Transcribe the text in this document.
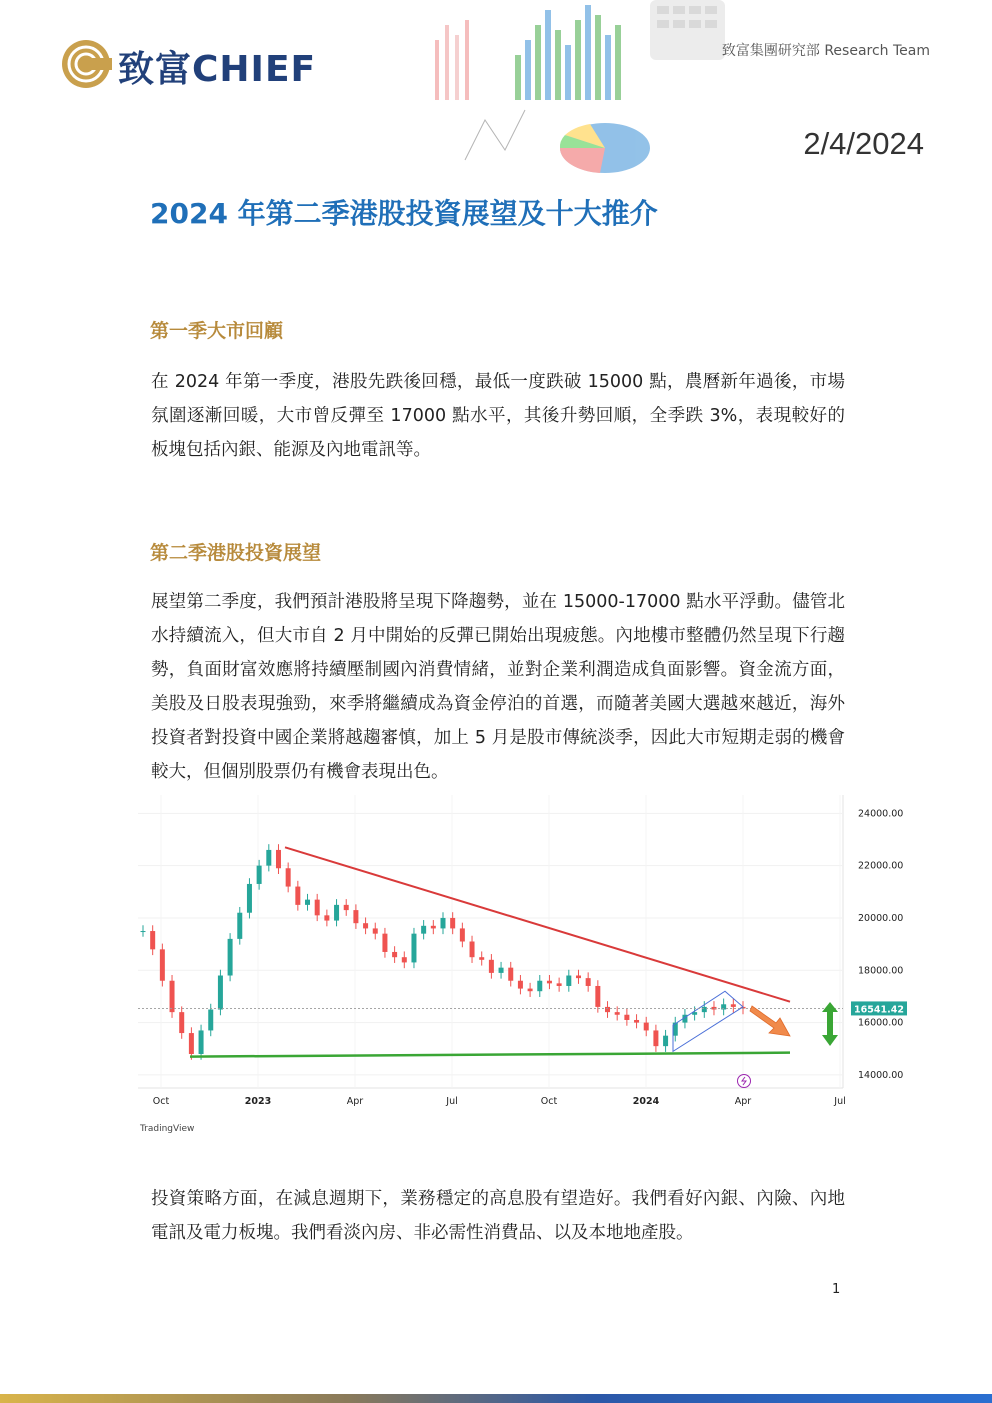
致富CHIEF	致富集團研究部 Research Team
2/4/2024
2024 年第二季港股投資展望及十大推介
第一季大市回顧

在 2024 年第一季度，港股先跌後回穩，最低一度跌破 15000 點，農曆新年過後，市場氛圍逐漸回暖，大市曾反彈至 17000 點水平，其後升勢回順，全季跌 3%，表現較好的板塊包括內銀、能源及內地電訊等。

第二季港股投資展望

展望第二季度，我們預計港股將呈現下降趨勢，並在 15000-17000 點水平浮動。儘管北水持續流入，但大市自 2 月中開始的反彈已開始出現疲態。內地樓市整體仍然呈現下行趨勢，負面財富效應將持續壓制國內消費情緒，並對企業利潤造成負面影響。資金流方面，美股及日股表現強勁，來季將繼續成為資金停泊的首選，而隨著美國大選越來越近，海外投資者對投資中國企業將越趨審慎，加上 5 月是股市傳統淡季，因此大市短期走弱的機會較大，但個別股票仍有機會表現出色。

24000.00
22000.00
20000.00
18000.00
16000.00
14000.00
Oct	2023	Apr	Jul	Oct	2024	Apr	Jul
16541.42
TradingView

投資策略方面，在減息週期下，業務穩定的高息股有望造好。我們看好內銀、內險、內地電訊及電力板塊。我們看淡內房、非必需性消費品、以及本地地產股。

1
